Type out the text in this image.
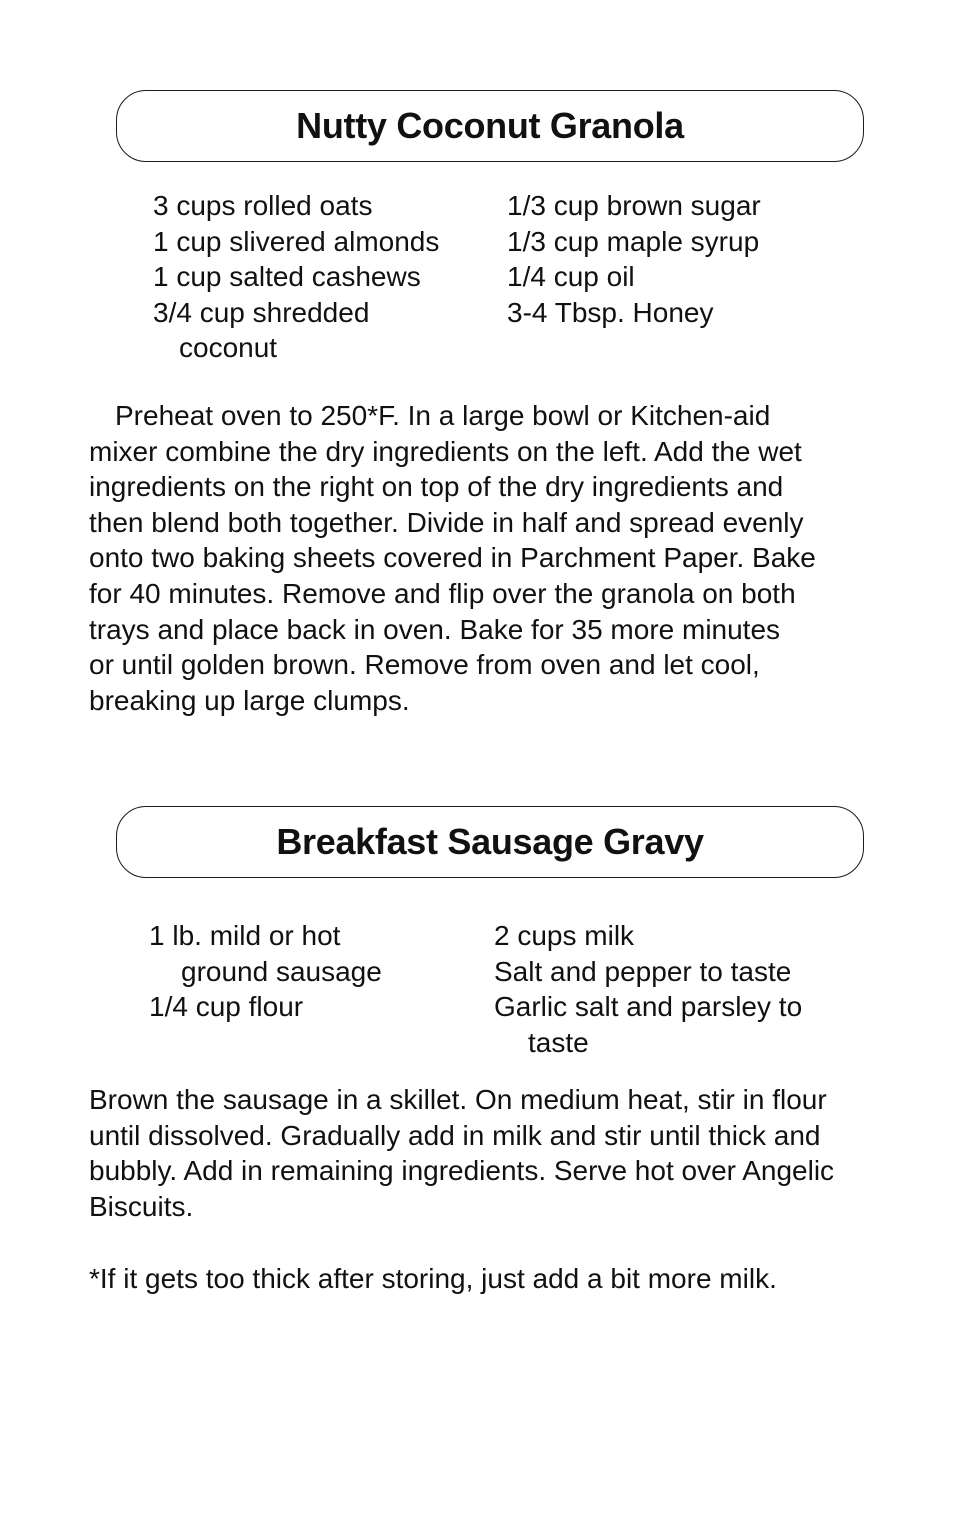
Nutty Coconut Granola
3 cups rolled oats
1 cup slivered almonds
1 cup salted cashews
3/4 cup shredded
coconut
1/3 cup brown sugar
1/3 cup maple syrup
1/4 cup oil
3-4 Tbsp. Honey

Preheat oven to 250*F. In a large bowl or Kitchen-aid
mixer combine the dry ingredients on the left. Add the wet
ingredients on the right on top of the dry ingredients and
then blend both together. Divide in half and spread evenly
onto two baking sheets covered in Parchment Paper. Bake
for 40 minutes. Remove and flip over the granola on both
trays and place back in oven. Bake for 35 more minutes
or until golden brown. Remove from oven and let cool,
breaking up large clumps.

Breakfast Sausage Gravy
1 lb. mild or hot
ground sausage
1/4 cup flour
2 cups milk
Salt and pepper to taste
Garlic salt and parsley to
taste

Brown the sausage in a skillet. On medium heat, stir in flour
until dissolved. Gradually add in milk and stir until thick and
bubbly. Add in remaining ingredients. Serve hot over Angelic
Biscuits.

*If it gets too thick after storing, just add a bit more milk.
